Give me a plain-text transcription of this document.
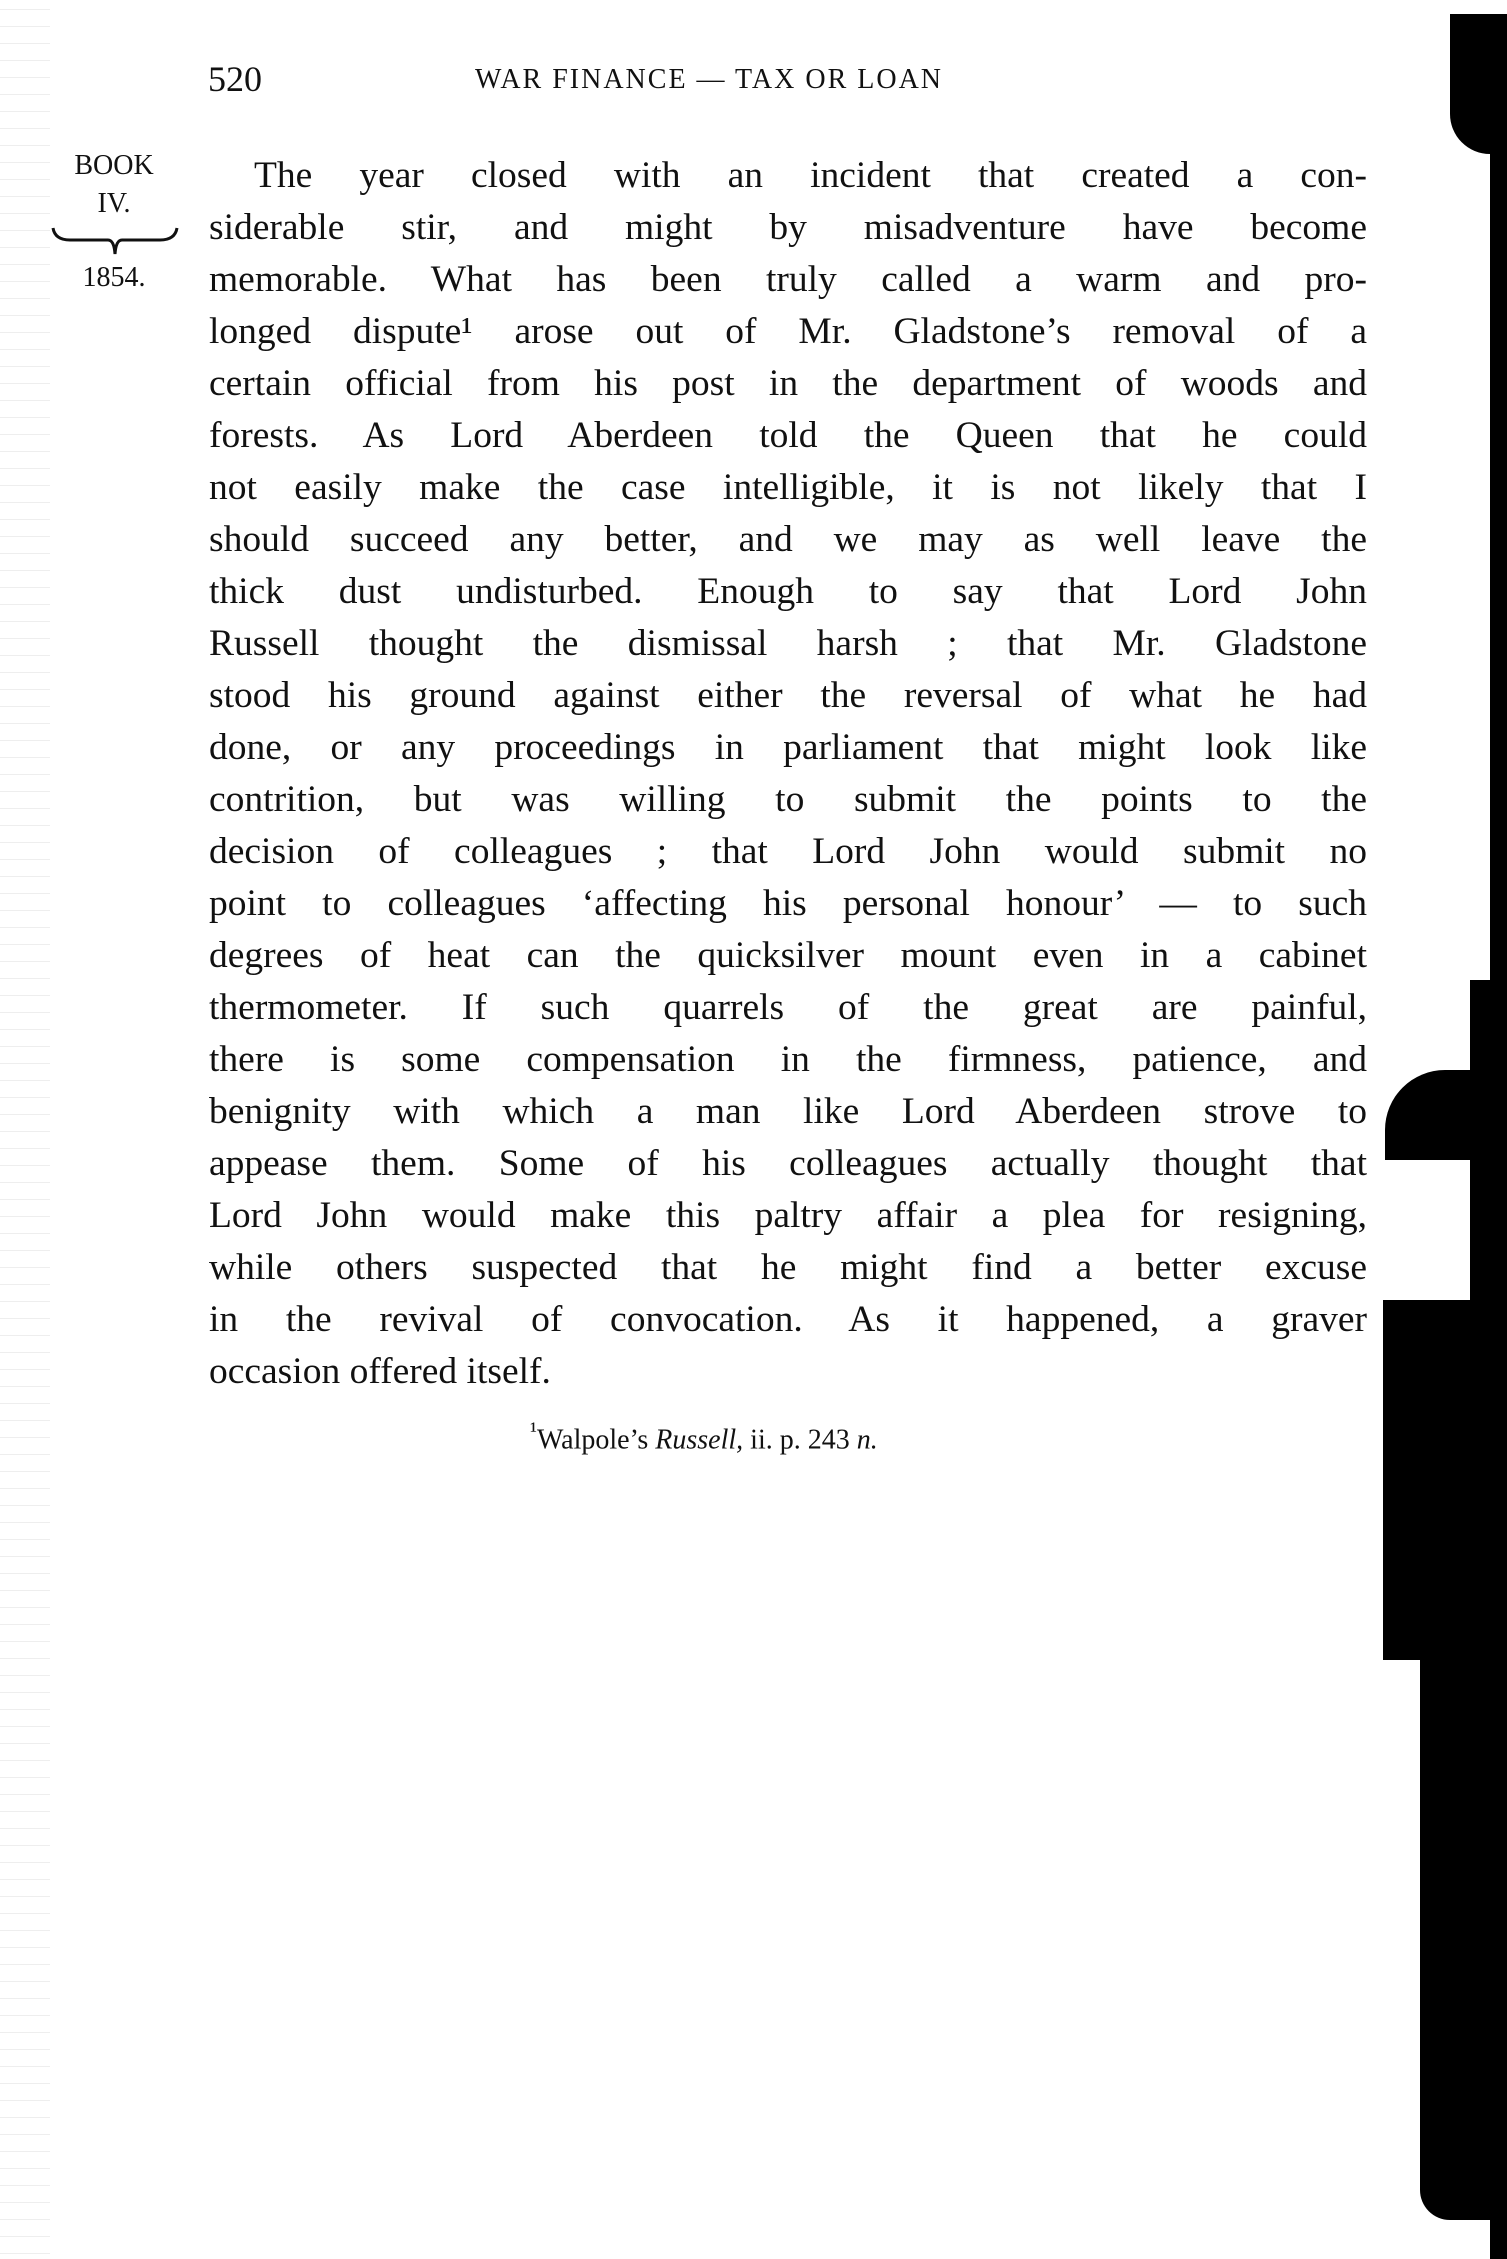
520	WAR FINANCE — TAX OR LOAN
BOOK
IV.
1854.
The year closed with an incident that created a con-
siderable stir, and might by misadventure have become
memorable. What has been truly called a warm and pro-
longed dispute¹ arose out of Mr. Gladstone’s removal of a
certain official from his post in the department of woods and
forests. As Lord Aberdeen told the Queen that he could
not easily make the case intelligible, it is not likely that I
should succeed any better, and we may as well leave the
thick dust undisturbed. Enough to say that Lord John
Russell thought the dismissal harsh ; that Mr. Gladstone
stood his ground against either the reversal of what he had
done, or any proceedings in parliament that might look like
contrition, but was willing to submit the points to the
decision of colleagues ; that Lord John would submit no
point to colleagues ‘affecting his personal honour’ — to such
degrees of heat can the quicksilver mount even in a cabinet
thermometer. If such quarrels of the great are painful,
there is some compensation in the firmness, patience, and
benignity with which a man like Lord Aberdeen strove to
appease them. Some of his colleagues actually thought that
Lord John would make this paltry affair a plea for resigning,
while others suspected that he might find a better excuse
in the revival of convocation. As it happened, a graver
occasion offered itself.
$^{^1}$Walpole’s Russell, ii. p. 243 n.
